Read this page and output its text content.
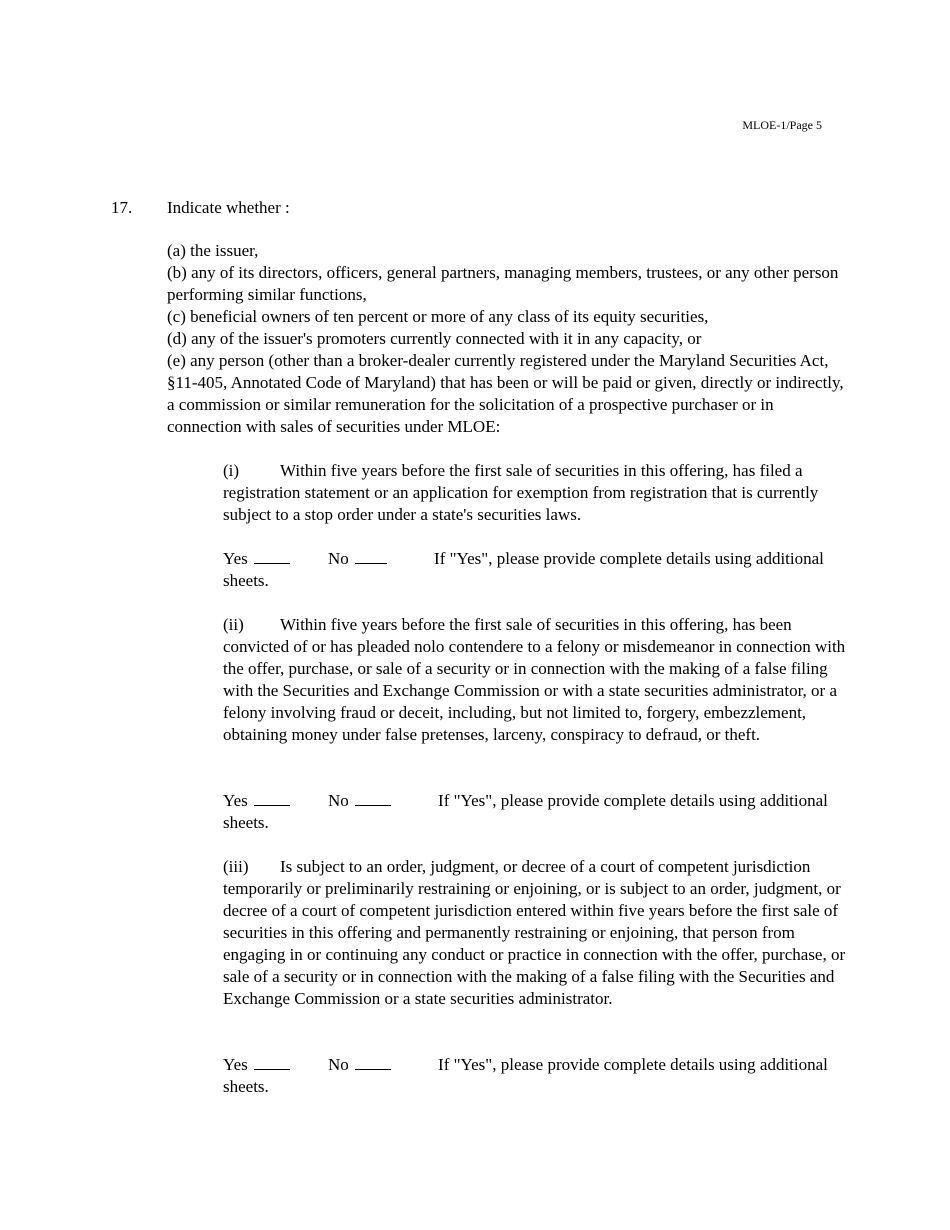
MLOE-1/Page 5
17. Indicate whether :
(a) the issuer,
(b) any of its directors, officers, general partners, managing members, trustees, or any other person performing similar functions,
(c) beneficial owners of ten percent or more of any class of its equity securities,
(d) any of the issuer's promoters currently connected with it in any capacity, or
(e) any person (other than a broker-dealer currently registered under the Maryland Securities Act, §11-405, Annotated Code of Maryland) that has been or will be paid or given, directly or indirectly, a commission or similar remuneration for the solicitation of a prospective purchaser or in connection with sales of securities under MLOE:
(i) Within five years before the first sale of securities in this offering, has filed a registration statement or an application for exemption from registration that is currently subject to a stop order under a state's securities laws.
Yes	No	If "Yes", please provide complete details using additional sheets.
(ii) Within five years before the first sale of securities in this offering, has been convicted of or has pleaded nolo contendere to a felony or misdemeanor in connection with the offer, purchase, or sale of a security or in connection with the making of a false filing with the Securities and Exchange Commission or with a state securities administrator, or a felony involving fraud or deceit, including, but not limited to, forgery, embezzlement, obtaining money under false pretenses, larceny, conspiracy to defraud, or theft.
Yes	No	If "Yes", please provide complete details using additional sheets.
(iii) Is subject to an order, judgment, or decree of a court of competent jurisdiction temporarily or preliminarily restraining or enjoining, or is subject to an order, judgment, or decree of a court of competent jurisdiction entered within five years before the first sale of securities in this offering and permanently restraining or enjoining, that person from engaging in or continuing any conduct or practice in connection with the offer, purchase, or sale of a security or in connection with the making of a false filing with the Securities and Exchange Commission or a state securities administrator.
Yes	No	If "Yes", please provide complete details using additional sheets.
